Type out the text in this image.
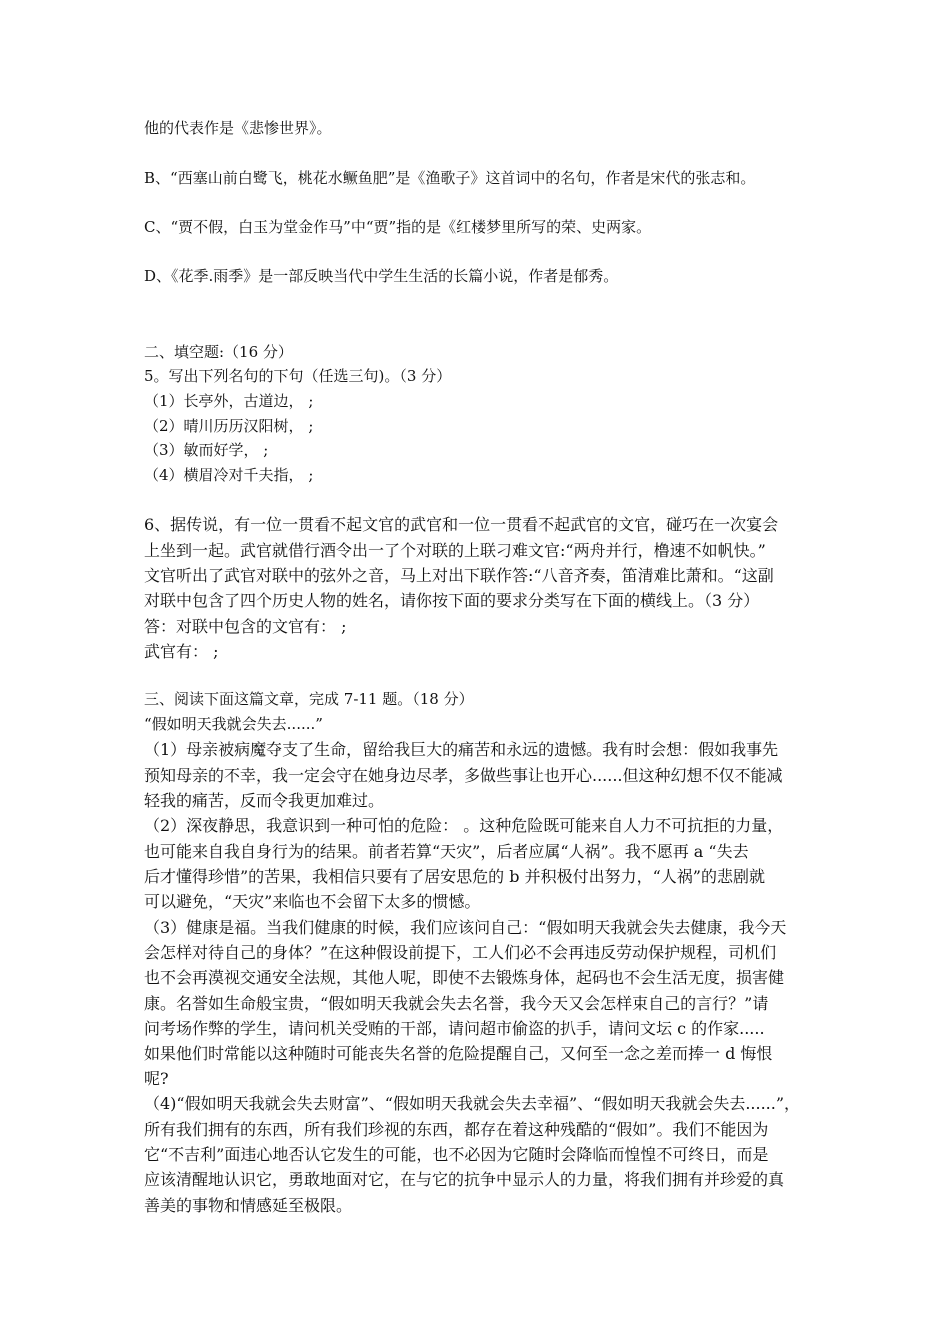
他的代表作是《悲惨世界》。
B、“西塞山前白鹭飞，桃花水鳜鱼肥”是《渔歌子》这首词中的名句，作者是宋代的张志和。
C、“贾不假，白玉为堂金作马”中“贾”指的是《红楼梦里所写的荣、史两家。
D、《花季.雨季》是一部反映当代中学生生活的长篇小说，作者是郁秀。
二、填空题:（16 分）
5。写出下列名句的下句（任选三句)。（3 分）
（1）长亭外，古道边， ;
（2）晴川历历汉阳树， ;
（3）敏而好学， ;
（4）横眉冷对千夫指， ;
6、据传说，有一位一贯看不起文官的武官和一位一贯看不起武官的文官，碰巧在一次宴会
上坐到一起。武官就借行酒令出一了个对联的上联刁难文官:“两舟并行，橹速不如帆快。”
文官听出了武官对联中的弦外之音，马上对出下联作答:“八音齐奏，笛清难比萧和。“这副
对联中包含了四个历史人物的姓名，请你按下面的要求分类写在下面的横线上。（3 分）
答：对联中包含的文官有： ;
武官有： ;
三、阅读下面这篇文章，完成 7-11 题。（18 分）
“假如明天我就会失去......”
（1）母亲被病魔夺支了生命，留给我巨大的痛苦和永远的遗憾。我有时会想：假如我事先
预知母亲的不幸，我一定会守在她身边尽孝，多做些事让也开心......但这种幻想不仅不能减
轻我的痛苦，反而令我更加难过。
（2）深夜静思，我意识到一种可怕的危险： 。这种危险既可能来自人力不可抗拒的力量，
也可能来自我自身行为的结果。前者若算“天灾”，后者应属“人祸”。我不愿再 a “失去
后才懂得珍惜”的苦果，我相信只要有了居安思危的 b 并积极付出努力，“人祸”的悲剧就
可以避免，“天灾”来临也不会留下太多的惯憾。
（3）健康是福。当我们健康的时候，我们应该问自己：“假如明天我就会失去健康，我今天
会怎样对待自己的身体？”在这种假设前提下，工人们必不会再违反劳动保护规程，司机们
也不会再漠视交通安全法规，其他人呢，即使不去锻炼身体，起码也不会生活无度，损害健
康。名誉如生命般宝贵，“假如明天我就会失去名誉，我今天又会怎样束自己的言行？”请
问考场作弊的学生，请问机关受贿的干部，请问超市偷盗的扒手，请问文坛 c 的作家.....
如果他们时常能以这种随时可能丧失名誉的危险提醒自己，又何至一念之差而捧一 d 悔恨
呢?
（4)“假如明天我就会失去财富”、“假如明天我就会失去幸福”、“假如明天我就会失去......”，
所有我们拥有的东西，所有我们珍视的东西，都存在着这种残酷的“假如”。我们不能因为
它“不吉利”面违心地否认它发生的可能，也不必因为它随时会降临而惶惶不可终日，而是
应该清醒地认识它，勇敢地面对它，在与它的抗争中显示人的力量，将我们拥有并珍爱的真
善美的事物和情感延至极限。
